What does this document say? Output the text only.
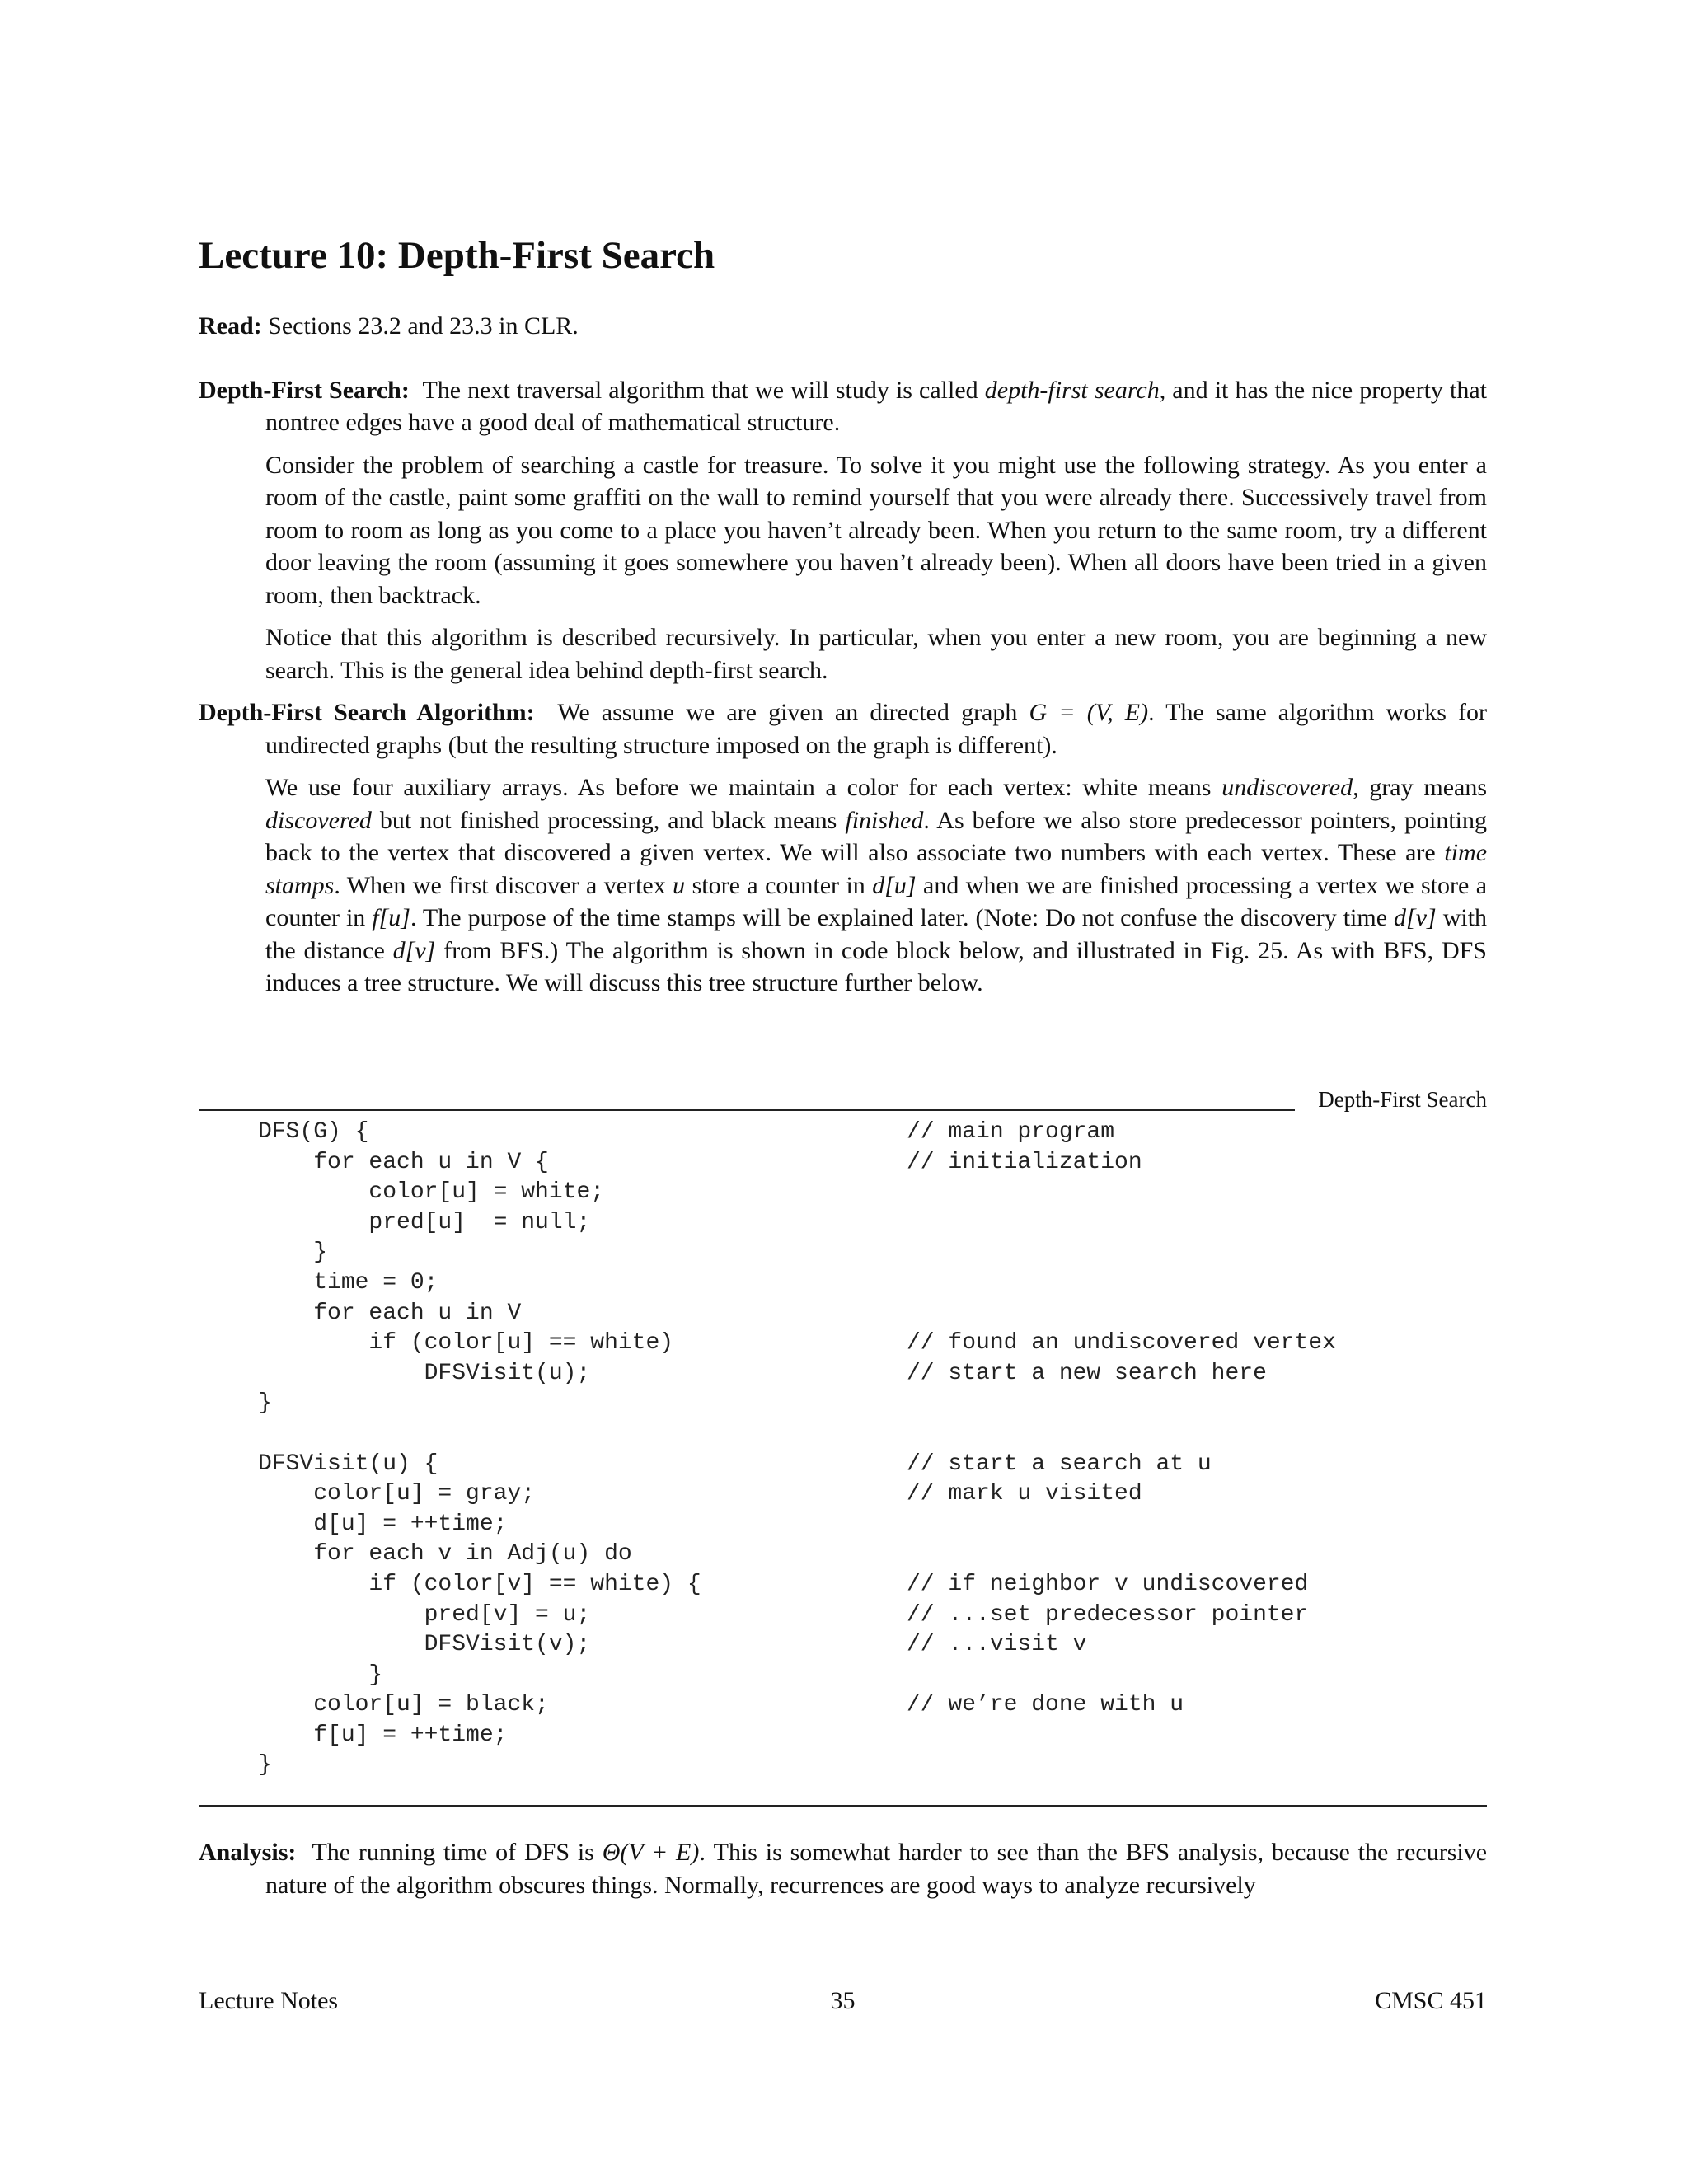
Lecture 10: Depth-First Search

Read: Sections 23.2 and 23.3 in CLR.

Depth-First Search: The next traversal algorithm that we will study is called depth-first search, and it has the nice property that nontree edges have a good deal of mathematical structure.

Consider the problem of searching a castle for treasure. To solve it you might use the following strategy. As you enter a room of the castle, paint some graffiti on the wall to remind yourself that you were already there. Successively travel from room to room as long as you come to a place you haven’t already been. When you return to the same room, try a different door leaving the room (assuming it goes somewhere you haven’t already been). When all doors have been tried in a given room, then backtrack.

Notice that this algorithm is described recursively. In particular, when you enter a new room, you are beginning a new search. This is the general idea behind depth-first search.

Depth-First Search Algorithm: We assume we are given an directed graph G = (V, E). The same algorithm works for undirected graphs (but the resulting structure imposed on the graph is different).

We use four auxiliary arrays. As before we maintain a color for each vertex: white means undiscovered, gray means discovered but not finished processing, and black means finished. As before we also store predecessor pointers, pointing back to the vertex that discovered a given vertex. We will also associate two numbers with each vertex. These are time stamps. When we first discover a vertex u store a counter in d[u] and when we are finished processing a vertex we store a counter in f[u]. The purpose of the time stamps will be explained later. (Note: Do not confuse the discovery time d[v] with the distance d[v] from BFS.) The algorithm is shown in code block below, and illustrated in Fig. 25. As with BFS, DFS induces a tree structure. We will discuss this tree structure further below.

Depth-First Search
DFS(G) {	// main program
for each u in V {	// initialization
color[u] = white;
pred[u]  = null;
}
time = 0;
for each u in V
if (color[u] == white)	// found an undiscovered vertex
DFSVisit(u);	// start a new search here
}
DFSVisit(u) {	// start a search at u
color[u] = gray;	// mark u visited
d[u] = ++time;
for each v in Adj(u) do
if (color[v] == white) {	// if neighbor v undiscovered
pred[v] = u;	// ...set predecessor pointer
DFSVisit(v);	// ...visit v
}
color[u] = black;	// we’re done with u
f[u] = ++time;
}

Analysis: The running time of DFS is Θ(V + E). This is somewhat harder to see than the BFS analysis, because the recursive nature of the algorithm obscures things. Normally, recurrences are good ways to analyze recursively

Lecture Notes	35	CMSC 451
